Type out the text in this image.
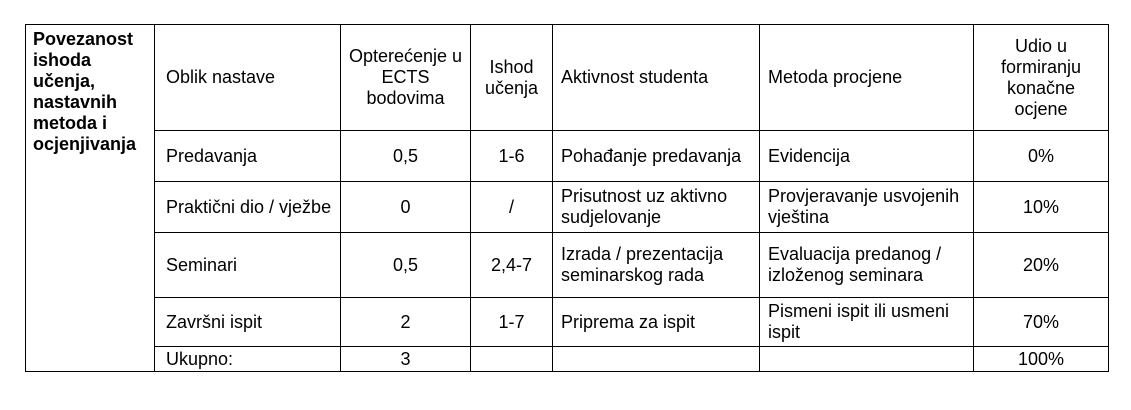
Povezanost ishoda učenja, nastavnih metoda i ocjenjivanja	Oblik nastave	Opterećenje u ECTS bodovima	Ishod učenja	Aktivnost studenta	Metoda procjene	Udio u formiranju konačne ocjene
	Predavanja	0,5	1-6	Pohađanje predavanja	Evidencija	0%
	Praktični dio / vježbe	0	/	Prisutnost uz aktivno sudjelovanje	Provjeravanje usvojenih vještina	10%
	Seminari	0,5	2,4-7	Izrada / prezentacija seminarskog rada	Evaluacija predanog / izloženog seminara	20%
	Završni ispit	2	1-7	Priprema za ispit	Pismeni ispit ili usmeni ispit	70%
	Ukupno:	3				100%
